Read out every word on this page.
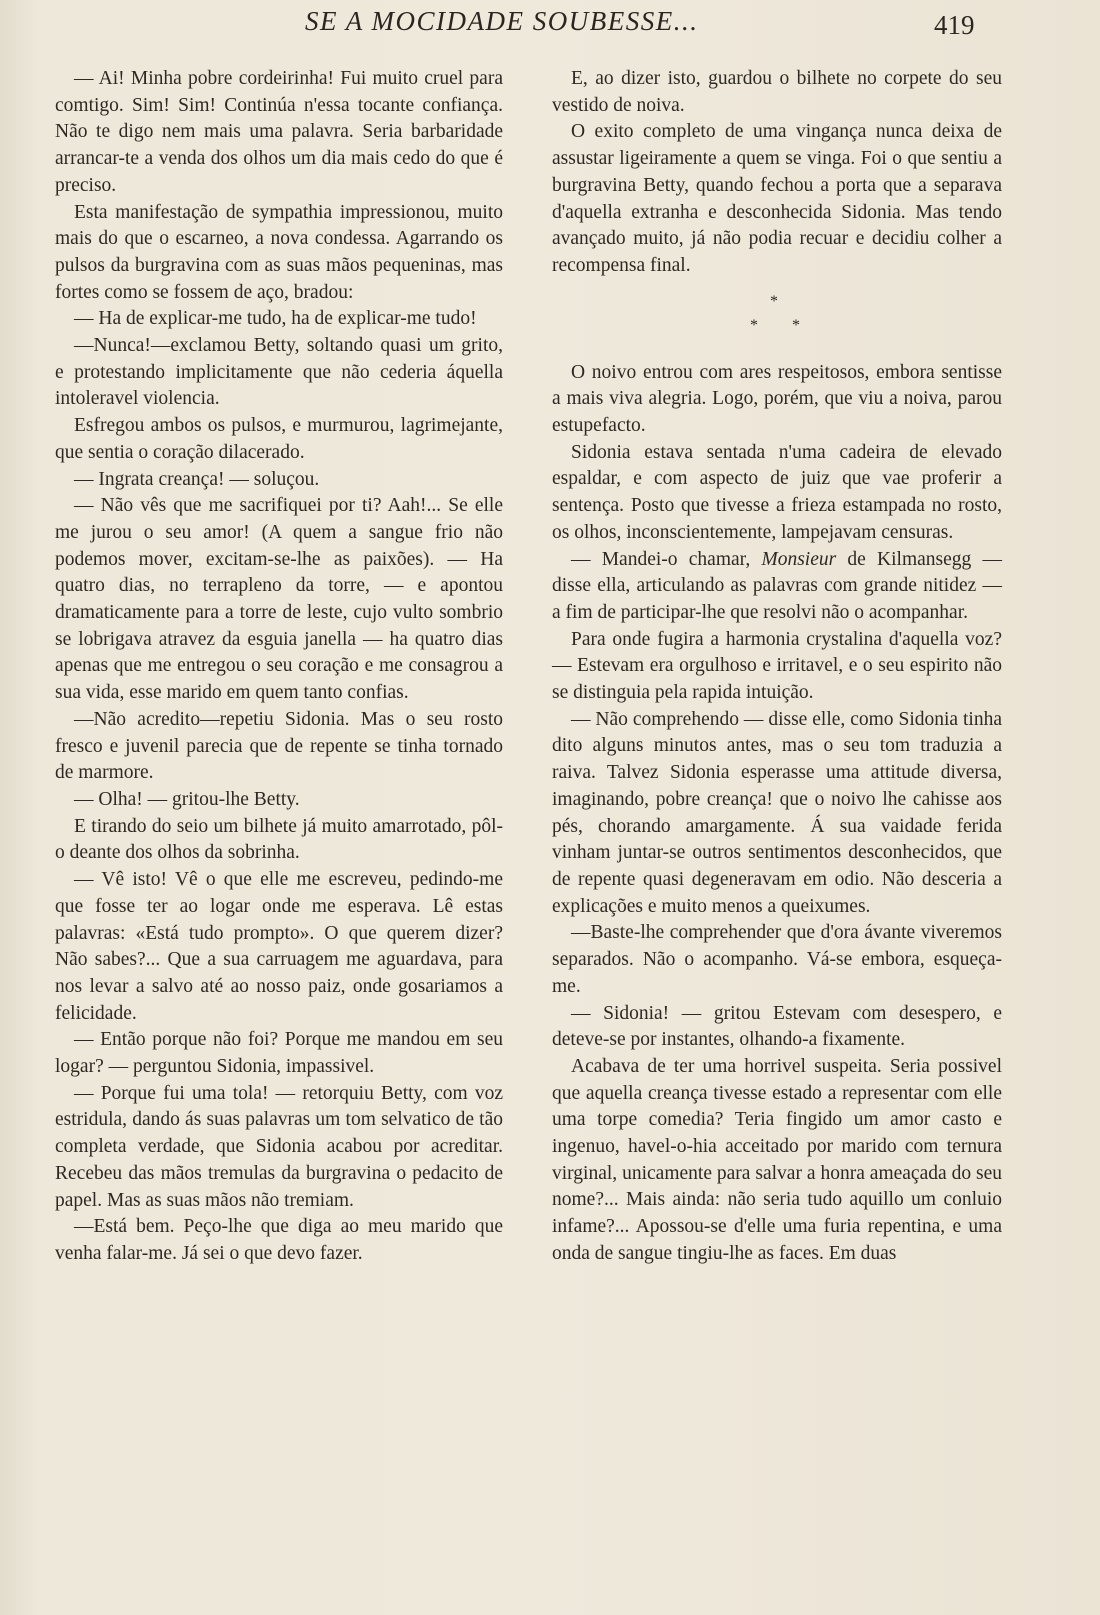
SE A MOCIDADE SOUBESSE...	419

— Ai! Minha pobre cordeirinha! Fui muito cruel para comtigo. Sim! Sim! Continúa n'essa tocante confiança. Não te digo nem mais uma palavra. Seria barbaridade arrancar-te a venda dos olhos um dia mais cedo do que é preciso.

Esta manifestação de sympathia impressionou, muito mais do que o escarneo, a nova condessa. Agarrando os pulsos da burgravina com as suas mãos pequeninas, mas fortes como se fossem de aço, bradou:

— Ha de explicar-me tudo, ha de explicar-me tudo!

—Nunca!—exclamou Betty, soltando quasi um grito, e protestando implicitamente que não cederia áquella intoleravel violencia.

Esfregou ambos os pulsos, e murmurou, lagrimejante, que sentia o coração dilacerado.

— Ingrata creança! — soluçou.

— Não vês que me sacrifiquei por ti? Aah!... Se elle me jurou o seu amor! (A quem a sangue frio não podemos mover, excitam-se-lhe as paixões). — Ha quatro dias, no terrapleno da torre, — e apontou dramaticamente para a torre de leste, cujo vulto sombrio se lobrigava atravez da esguia janella — ha quatro dias apenas que me entregou o seu coração e me consagrou a sua vida, esse marido em quem tanto confias.

—Não acredito—repetiu Sidonia. Mas o seu rosto fresco e juvenil parecia que de repente se tinha tornado de marmore.

— Olha! — gritou-lhe Betty.

E tirando do seio um bilhete já muito amarrotado, pôl-o deante dos olhos da sobrinha.

— Vê isto! Vê o que elle me escreveu, pedindo-me que fosse ter ao logar onde me esperava. Lê estas palavras: «Está tudo prompto». O que querem dizer? Não sabes?... Que a sua carruagem me aguardava, para nos levar a salvo até ao nosso paiz, onde gosariamos a felicidade.

— Então porque não foi? Porque me mandou em seu logar? — perguntou Sidonia, impassivel.

— Porque fui uma tola! — retorquiu Betty, com voz estridula, dando ás suas palavras um tom selvatico de tão completa verdade, que Sidonia acabou por acreditar. Recebeu das mãos tremulas da burgravina o pedacito de papel. Mas as suas mãos não tremiam.

—Está bem. Peço-lhe que diga ao meu marido que venha falar-me. Já sei o que devo fazer.

E, ao dizer isto, guardou o bilhete no corpete do seu vestido de noiva.

O exito completo de uma vingança nunca deixa de assustar ligeiramente a quem se vinga. Foi o que sentiu a burgravina Betty, quando fechou a porta que a separava d'aquella extranha e desconhecida Sidonia. Mas tendo avançado muito, já não podia recuar e decidiu colher a recompensa final.

*
* *

O noivo entrou com ares respeitosos, embora sentisse a mais viva alegria. Logo, porém, que viu a noiva, parou estupefacto.

Sidonia estava sentada n'uma cadeira de elevado espaldar, e com aspecto de juiz que vae proferir a sentença. Posto que tivesse a frieza estampada no rosto, os olhos, inconscientemente, lampejavam censuras.

— Mandei-o chamar, Monsieur de Kilmansegg — disse ella, articulando as palavras com grande nitidez — a fim de participar-lhe que resolvi não o acompanhar.

Para onde fugira a harmonia crystalina d'aquella voz? — Estevam era orgulhoso e irritavel, e o seu espirito não se distinguia pela rapida intuição.

— Não comprehendo — disse elle, como Sidonia tinha dito alguns minutos antes, mas o seu tom traduzia a raiva. Talvez Sidonia esperasse uma attitude diversa, imaginando, pobre creança! que o noivo lhe cahisse aos pés, chorando amargamente. Á sua vaidade ferida vinham juntar-se outros sentimentos desconhecidos, que de repente quasi degeneravam em odio. Não desceria a explicações e muito menos a queixumes.

—Baste-lhe comprehender que d'ora ávante viveremos separados. Não o acompanho. Vá-se embora, esqueça-me.

— Sidonia! — gritou Estevam com desespero, e deteve-se por instantes, olhando-a fixamente.

Acabava de ter uma horrivel suspeita. Seria possivel que aquella creança tivesse estado a representar com elle uma torpe comedia? Teria fingido um amor casto e ingenuo, havel-o-hia acceitado por marido com ternura virginal, unicamente para salvar a honra ameaçada do seu nome?... Mais ainda: não seria tudo aquillo um conluio infame?... Apossou-se d'elle uma furia repentina, e uma onda de sangue tingiu-lhe as faces. Em duas
